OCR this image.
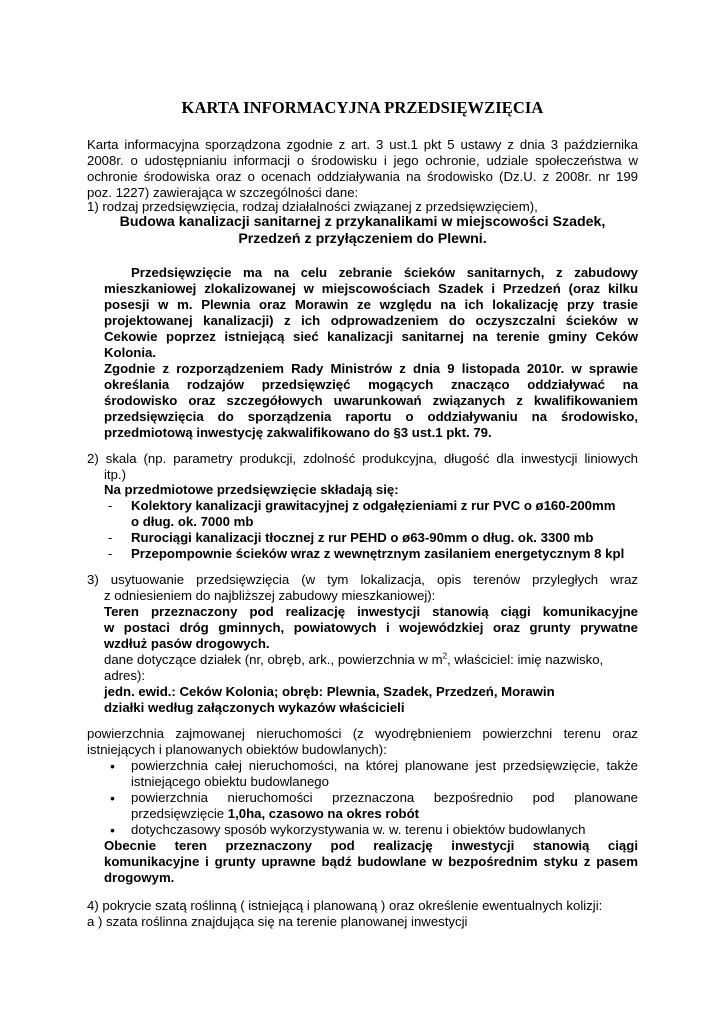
KARTA INFORMACYJNA PRZEDSIĘWZIĘCIA
Karta informacyjna sporządzona zgodnie z art. 3 ust.1 pkt 5 ustawy z dnia 3 października
2008r. o udostępnianiu informacji o środowisku i jego ochronie, udziale społeczeństwa w
ochronie środowiska oraz o ocenach oddziaływania na środowisko (Dz.U. z 2008r. nr 199
poz. 1227) zawierająca w szczególności dane:
1) rodzaj przedsięwzięcia, rodzaj działalności związanej z przedsięwzięciem),
Budowa kanalizacji sanitarnej z przykanalikami w miejscowości Szadek,
Przedzeń z przyłączeniem do Plewni.
Przedsięwzięcie ma na celu zebranie ścieków sanitarnych, z zabudowy
mieszkaniowej zlokalizowanej w miejscowościach Szadek i Przedzeń (oraz kilku
posesji w m. Plewnia oraz Morawin ze względu na ich lokalizację przy trasie
projektowanej kanalizacji) z ich odprowadzeniem do oczyszczalni ścieków w
Cekowie poprzez istniejącą sieć kanalizacji sanitarnej na terenie gminy Ceków
Kolonia.
Zgodnie z rozporządzeniem Rady Ministrów z dnia 9 listopada 2010r. w sprawie
określania rodzajów przedsięwzięć mogących znacząco oddziaływać na
środowisko oraz szczegółowych uwarunkowań związanych z kwalifikowaniem
przedsięwzięcia do sporządzenia raportu o oddziaływaniu na środowisko,
przedmiotową inwestycję zakwalifikowano do §3 ust.1 pkt. 79.
2) skala (np. parametry produkcji, zdolność produkcyjna, długość dla inwestycji liniowych
itp.)
Na przedmiotowe przedsięwzięcie składają się:
- Kolektory kanalizacji grawitacyjnej z odgałęzieniami z rur PVC o ø160-200mm
o dług. ok. 7000 mb
- Rurociągi kanalizacji tłocznej z rur PEHD o ø63-90mm o dług. ok. 3300 mb
- Przepompownie ścieków wraz z wewnętrznym zasilaniem energetycznym 8 kpl
3) usytuowanie przedsięwzięcia (w tym lokalizacja, opis terenów przyległych wraz
z odniesieniem do najbliższej zabudowy mieszkaniowej):
Teren przeznaczony pod realizację inwestycji stanowią ciągi komunikacyjne
w postaci dróg gminnych, powiatowych i wojewódzkiej oraz grunty prywatne
wzdłuż pasów drogowych.
dane dotyczące działek (nr, obręb, ark., powierzchnia w $m^2$, właściciel: imię nazwisko,
adres):
jedn. ewid.: Ceków Kolonia; obręb: Plewnia, Szadek, Przedzeń, Morawin
działki według załączonych wykazów właścicieli
powierzchnia zajmowanej nieruchomości (z wyodrębnieniem powierzchni terenu oraz
istniejących i planowanych obiektów budowlanych):
• powierzchnia całej nieruchomości, na której planowane jest przedsięwzięcie, także
istniejącego obiektu budowlanego
• powierzchnia nieruchomości przeznaczona bezpośrednio pod planowane
przedsięwzięcie 1,0ha, czasowo na okres robót
• dotychczasowy sposób wykorzystywania w. w. terenu i obiektów budowlanych
Obecnie teren przeznaczony pod realizację inwestycji stanowią ciągi
komunikacyjne i grunty uprawne bądź budowlane w bezpośrednim styku z pasem
drogowym.
4) pokrycie szatą roślinną ( istniejącą i planowaną ) oraz określenie ewentualnych kolizji:
a ) szata roślinna znajdująca się na terenie planowanej inwestycji
